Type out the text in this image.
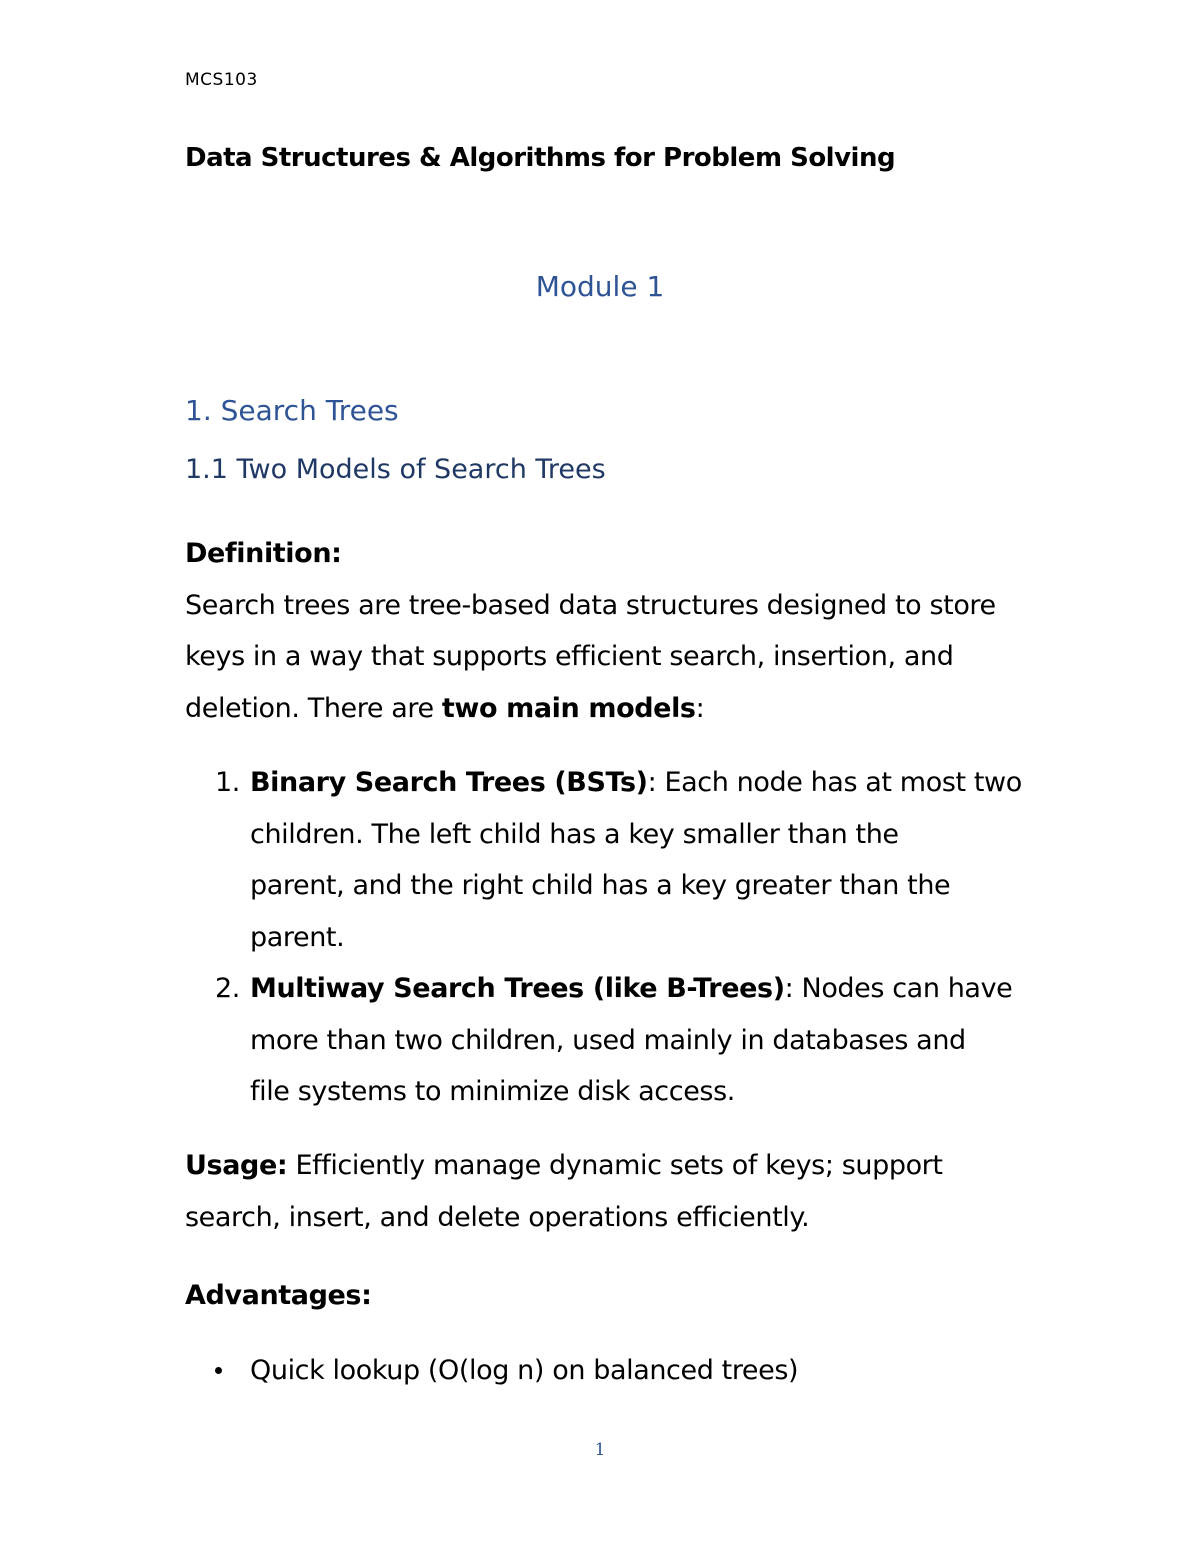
MCS103
Data Structures & Algorithms for Problem Solving
Module 1
1. Search Trees
1.1 Two Models of Search Trees
Definition:
Search trees are tree-based data structures designed to store
keys in a way that supports efficient search, insertion, and
deletion. There are two main models:
1. Binary Search Trees (BSTs): Each node has at most two
children. The left child has a key smaller than the
parent, and the right child has a key greater than the
parent.
2. Multiway Search Trees (like B-Trees): Nodes can have
more than two children, used mainly in databases and
file systems to minimize disk access.
Usage: Efficiently manage dynamic sets of keys; support
search, insert, and delete operations efficiently.
Advantages:
Quick lookup (O(log n) on balanced trees)
1
